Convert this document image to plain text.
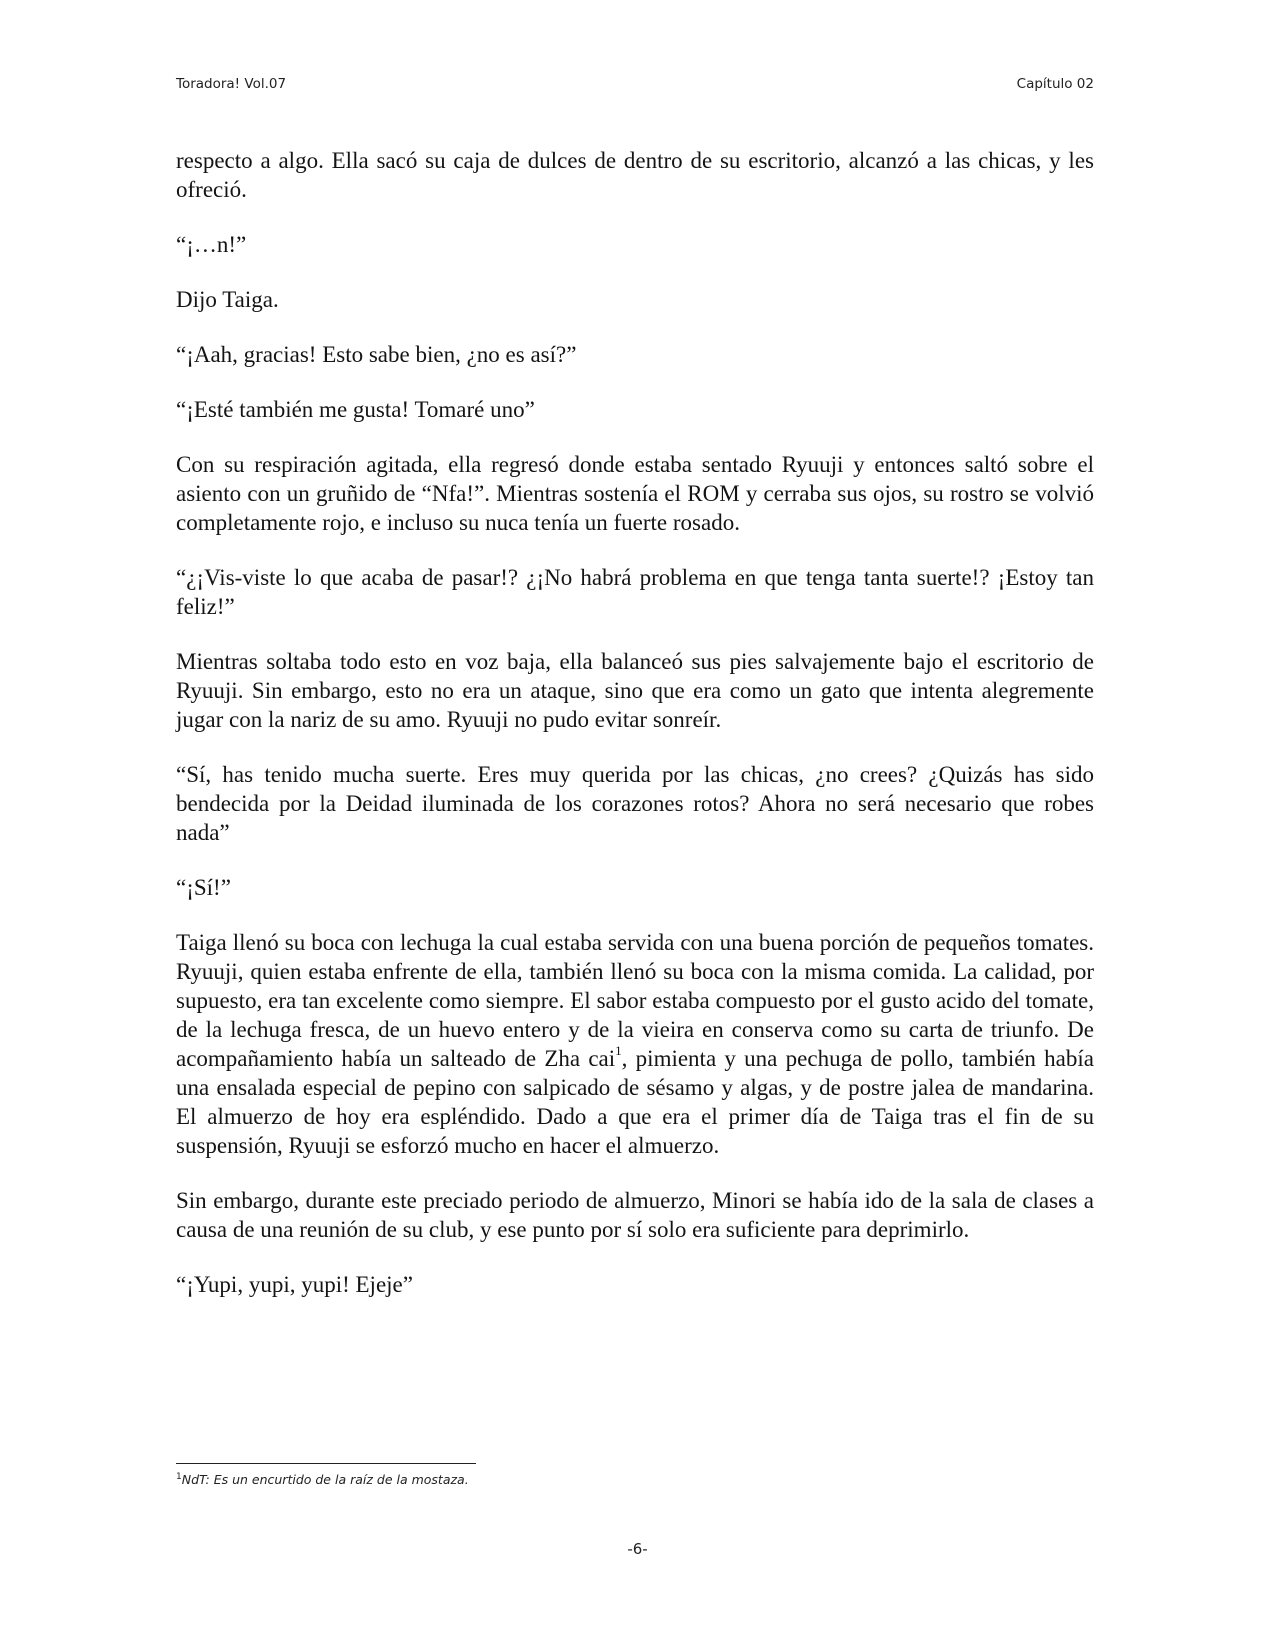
Toradora! Vol.07	Capítulo 02

respecto a algo. Ella sacó su caja de dulces de dentro de su escritorio, alcanzó a las chicas, y les ofreció.

“¡…n!”

Dijo Taiga.

“¡Aah, gracias! Esto sabe bien, ¿no es así?”

“¡Esté también me gusta! Tomaré uno”

Con su respiración agitada, ella regresó donde estaba sentado Ryuuji y entonces saltó sobre el asiento con un gruñido de “Nfa!”. Mientras sostenía el ROM y cerraba sus ojos, su rostro se volvió completamente rojo, e incluso su nuca tenía un fuerte rosado.

“¿¡Vis-viste lo que acaba de pasar!? ¿¡No habrá problema en que tenga tanta suerte!? ¡Estoy tan feliz!”

Mientras soltaba todo esto en voz baja, ella balanceó sus pies salvajemente bajo el escritorio de Ryuuji. Sin embargo, esto no era un ataque, sino que era como un gato que intenta alegremente jugar con la nariz de su amo. Ryuuji no pudo evitar sonreír.

“Sí, has tenido mucha suerte. Eres muy querida por las chicas, ¿no crees? ¿Quizás has sido bendecida por la Deidad iluminada de los corazones rotos? Ahora no será necesario que robes nada”

“¡Sí!”

Taiga llenó su boca con lechuga la cual estaba servida con una buena porción de pequeños tomates. Ryuuji, quien estaba enfrente de ella, también llenó su boca con la misma comida. La calidad, por supuesto, era tan excelente como siempre. El sabor estaba compuesto por el gusto acido del tomate, de la lechuga fresca, de un huevo entero y de la vieira en conserva como su carta de triunfo. De acompañamiento había un salteado de Zha cai$^1$, pimienta y una pechuga de pollo, también había una ensalada especial de pepino con salpicado de sésamo y algas, y de postre jalea de mandarina. El almuerzo de hoy era espléndido. Dado a que era el primer día de Taiga tras el fin de su suspensión, Ryuuji se esforzó mucho en hacer el almuerzo.

Sin embargo, durante este preciado periodo de almuerzo, Minori se había ido de la sala de clases a causa de una reunión de su club, y ese punto por sí solo era suficiente para deprimirlo.

“¡Yupi, yupi, yupi! Ejeje”

$^1$NdT: Es un encurtido de la raíz de la mostaza.
-6-
